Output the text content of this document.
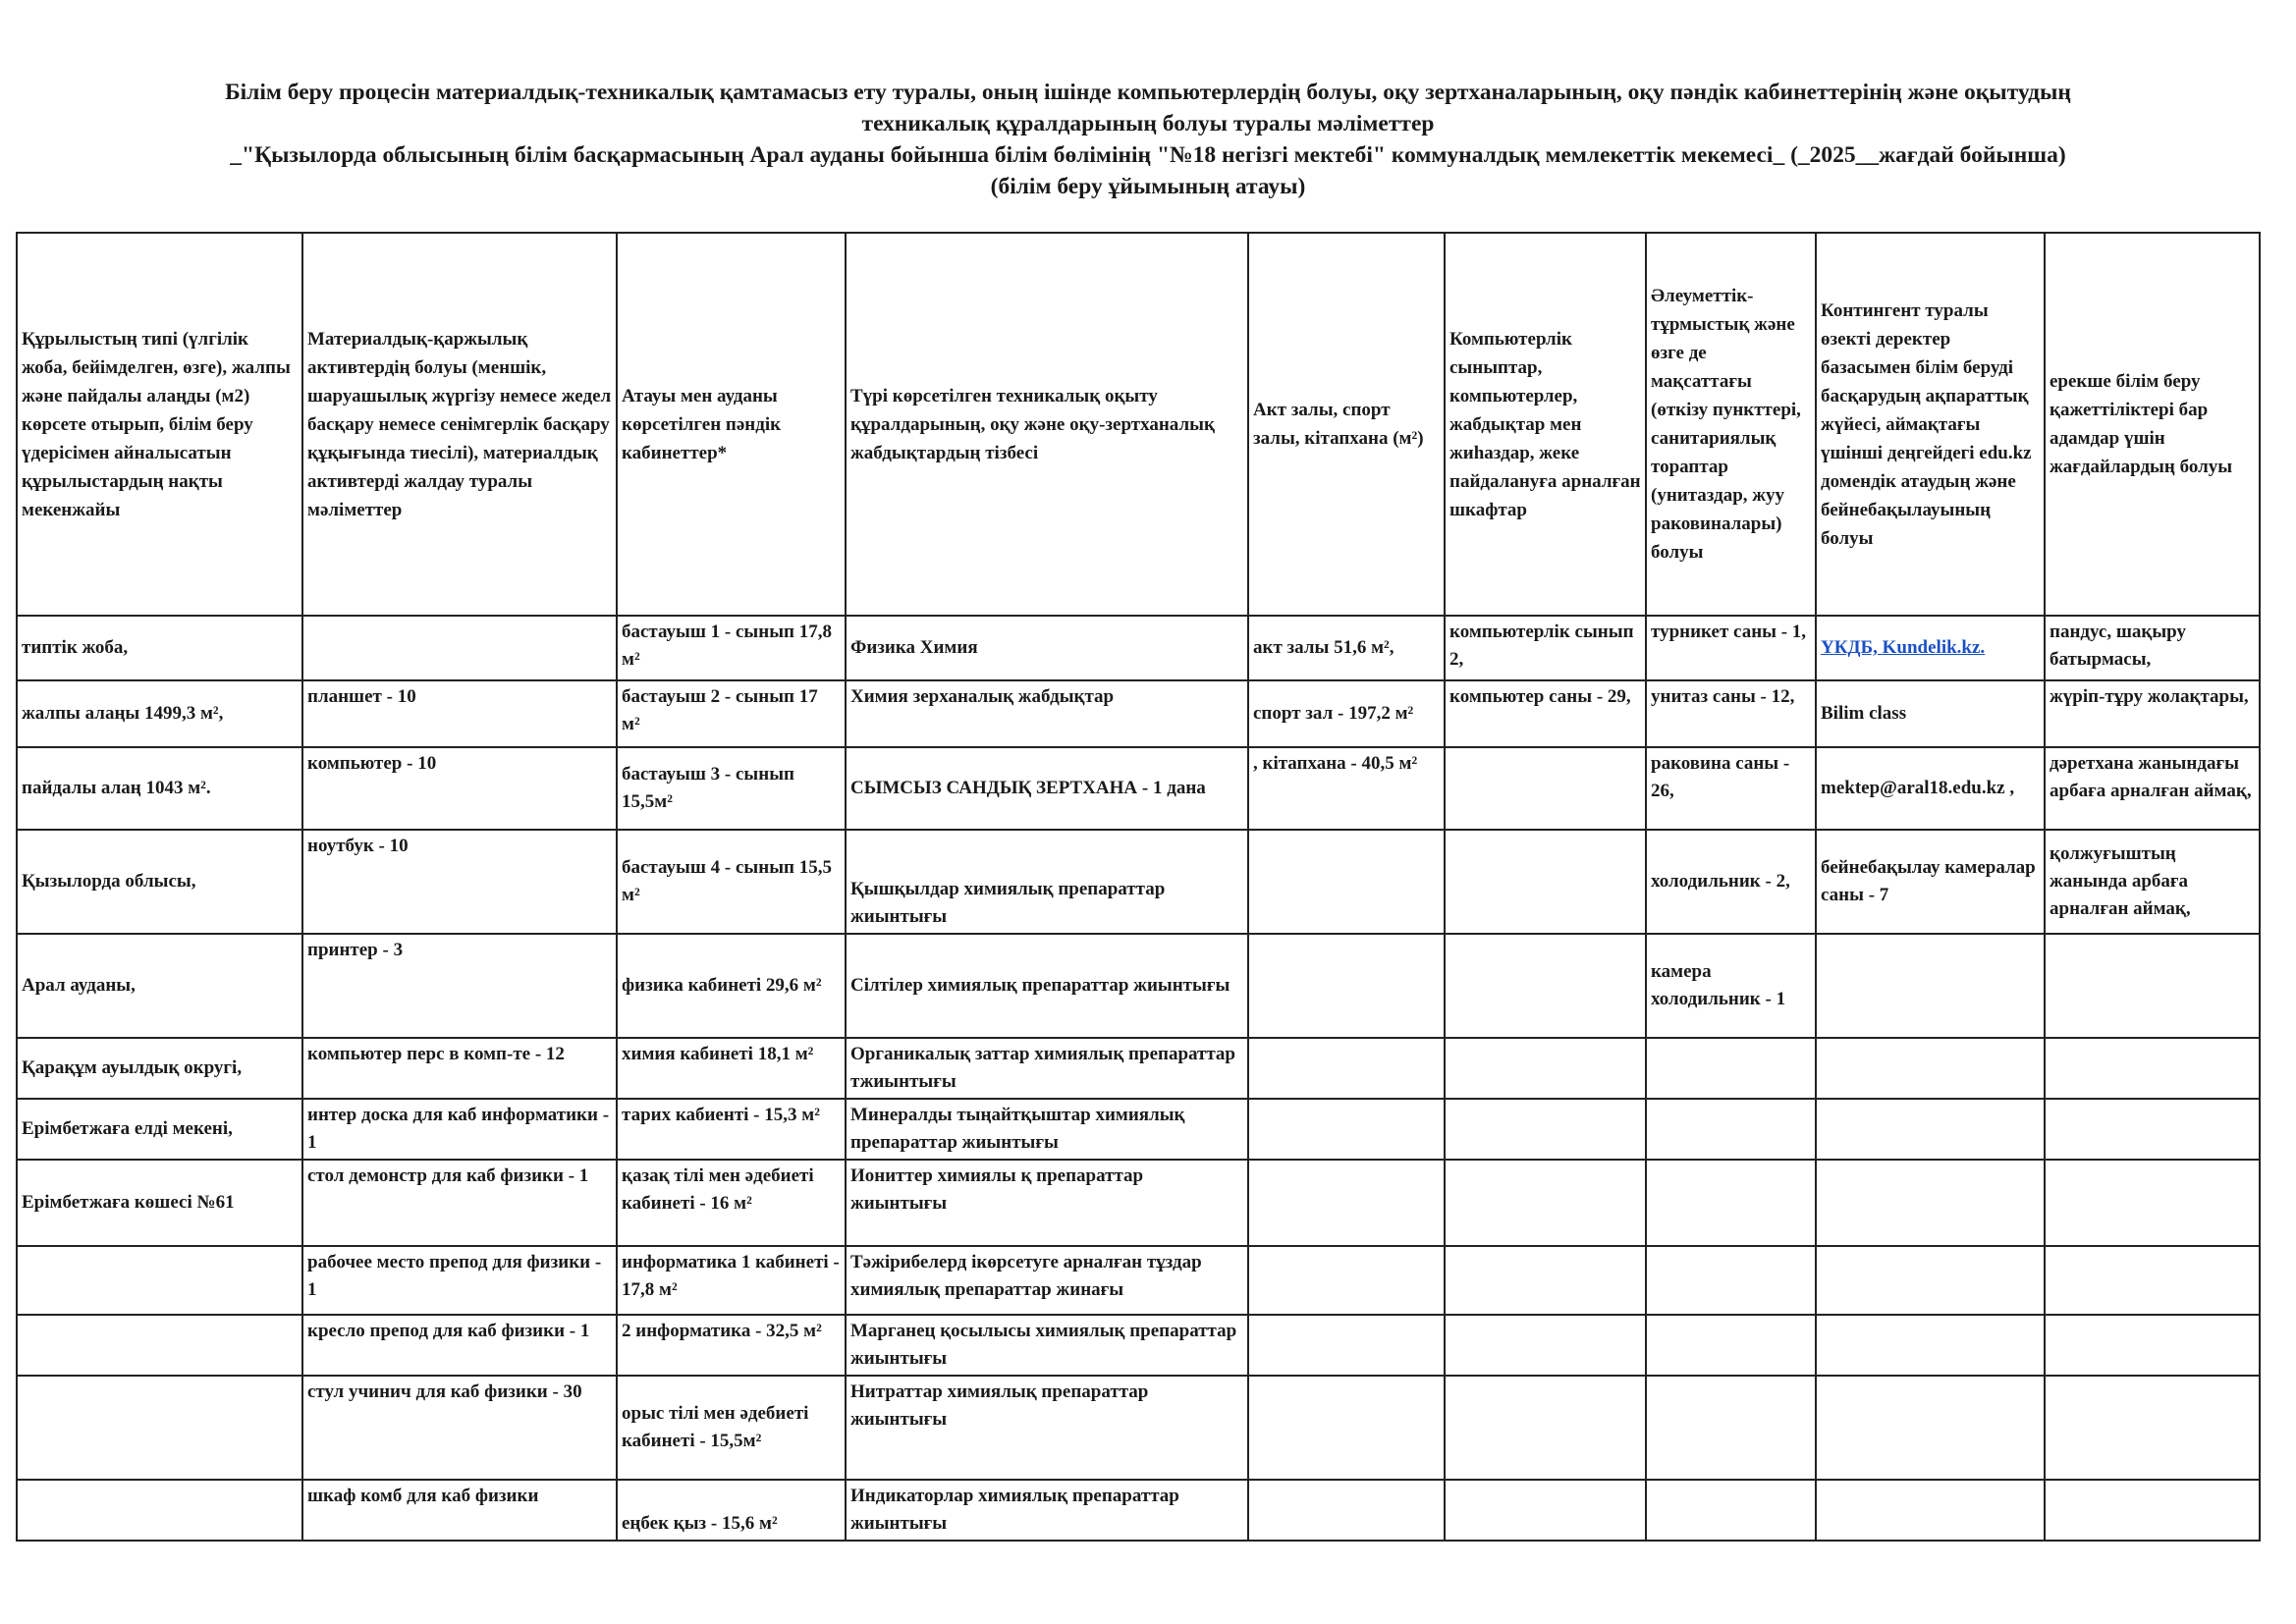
Білім беру процесін материалдық-техникалық қамтамасыз ету туралы, оның ішінде компьютерлердің болуы, оқу зертханаларының, оқу пәндік кабинеттерінің және оқытудың
техникалық құралдарының болуы туралы мәліметтер
_"Қызылорда облысының білім басқармасының Арал ауданы бойынша білім бөлімінің "№18 негізгі мектебі" коммуналдық мемлекеттік мекемесі_ (_2025__жағдай бойынша)
(білім беру ұйымының атауы)
Құрылыстың типі (үлгілік жоба, бейімделген, өзге), жалпы және пайдалы алаңды (м2) көрсете отырып, білім беру үдерісімен айналысатын құрылыстардың нақты мекенжайы	Материалдық-қаржылық активтердің болуы (меншік, шаруашылық жүргізу немесе жедел басқару немесе сенімгерлік басқару құқығында тиесілі), материалдық активтерді жалдау туралы мәліметтер	Атауы мен ауданы көрсетілген пәндік кабинеттер*	Түрі көрсетілген техникалық оқыту құралдарының, оқу және оқу-зертханалық жабдықтардың тізбесі	Акт залы, спорт залы, кітапхана (м²)	Компьютерлік сыныптар, компьютерлер, жабдықтар мен жиһаздар, жеке пайдалануға арналған шкафтар	Әлеуметтік-тұрмыстық және өзге де мақсаттағы (өткізу пункттері, санитариялық тораптар (унитаздар, жуу раковиналары) болуы	Контингент туралы өзекті деректер базасымен білім беруді басқарудың ақпараттық жүйесі, аймақтағы үшінші деңгейдегі edu.kz домендік атаудың және бейнебақылауының болуы	ерекше білім беру қажеттіліктері бар адамдар үшін жағдайлардың болуы
типтік жоба,		бастауыш 1 - сынып 17,8 м²	Физика Химия	акт залы 51,6 м²,	компьютерлік сынып 2,	турникет саны - 1,	ҮКДБ, Kundelik.kz.	пандус, шақыру батырмасы,
жалпы алаңы 1499,3 м²,	планшет - 10	бастауыш 2 - сынып 17 м²	Химия зерханалық жабдықтар	спорт зал - 197,2 м²	компьютер саны - 29,	унитаз саны - 12,	Bilim class	жүріп-тұру жолақтары,
пайдалы алаң 1043 м².	компьютер - 10	бастауыш 3 - сынып 15,5м²	СЫМСЫЗ САНДЫҚ ЗЕРТХАНА - 1 дана	, кітапхана - 40,5 м²		раковина саны - 26,	mektep@aral18.edu.kz ,	дәретхана жанындағы арбаға арналған аймақ,
Қызылорда облысы,	ноутбук - 10	бастауыш 4 - сынып 15,5 м²	Қышқылдар химиялық препараттар жиынтығы			холодильник - 2,	бейнебақылау камералар саны - 7	қолжуғыштың жанында арбаға арналған аймақ,
Арал ауданы,	принтер - 3	физика кабинеті 29,6 м²	Сілтілер химиялық препараттар жиынтығы			камера холодильник - 1		
Қарақұм ауылдық округі,	компьютер перс в комп-те - 12	химия кабинеті 18,1 м²	Органикалық заттар химиялық препараттар тжиынтығы					
Ерімбетжаға елді мекені,	интер доска для каб информатики - 1	тарих кабиенті - 15,3 м²	Минералды тыңайтқыштар химиялық препараттар жиынтығы					
Ерімбетжаға көшесі №61	стол демонстр для каб физики - 1	қазақ тілі мен әдебиеті кабинеті - 16 м²	Иониттер химиялы қ препараттар жиынтығы					
	рабочее место препод для физики - 1	информатика 1 кабинеті - 17,8 м²	Тәжірибелерд ікөрсетуге арналған тұздар химиялық препараттар жинағы					
	кресло препод для каб физики - 1	2 информатика - 32,5 м²	Марганец қосылысы химиялық препараттар жиынтығы					
	стул учинич для каб физики - 30	орыс тілі мен әдебиеті кабинеті - 15,5м²	Нитраттар химиялық препараттар жиынтығы					
	шкаф комб для каб физики	еңбек қыз - 15,6 м²	Индикаторлар химиялық препараттар жиынтығы					
